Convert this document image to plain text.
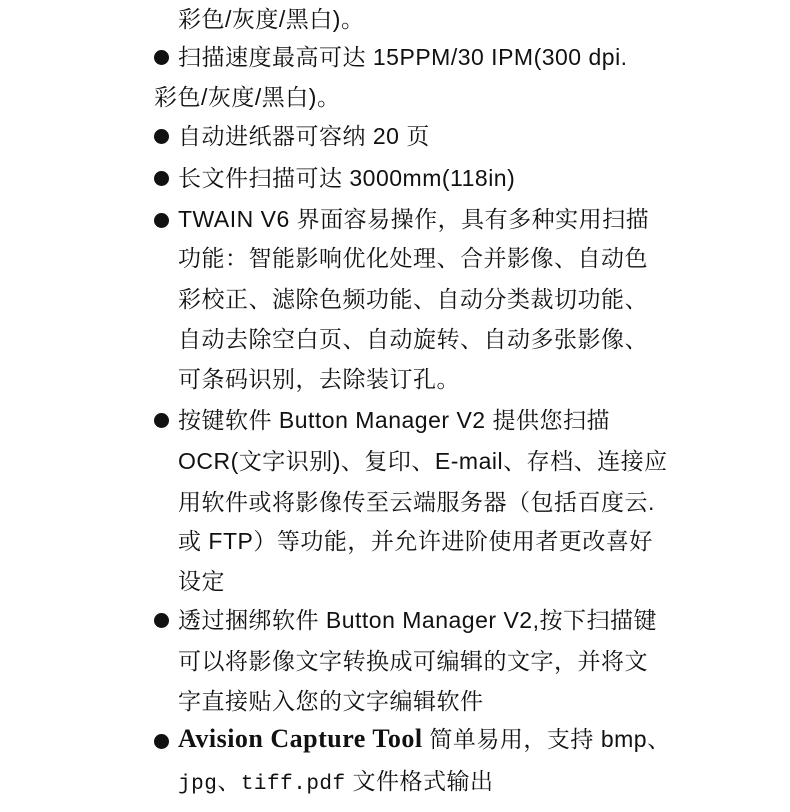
彩色/灰度/黑白)。
扫描速度最高可达 15PPM/30 IPM(300 dpi.
彩色/灰度/黑白)。
自动进纸器可容纳 20 页
长文件扫描可达 3000mm(118in)
TWAIN V6 界面容易操作，具有多种实用扫描
功能：智能影响优化处理、合并影像、自动色
彩校正、滤除色频功能、自动分类裁切功能、
自动去除空白页、自动旋转、自动多张影像、
可条码识别，去除装订孔。
按键软件 Button Manager V2 提供您扫描
OCR(文字识别)、复印、E-mail、存档、连接应
用软件或将影像传至云端服务器（包括百度云.
或 FTP）等功能，并允许进阶使用者更改喜好
设定
透过捆绑软件 Button Manager V2,按下扫描键
可以将影像文字转换成可编辑的文字，并将文
字直接贴入您的文字编辑软件
Avision Capture Tool 简单易用，支持 bmp、
jpg、tiff.pdf 文件格式输出
